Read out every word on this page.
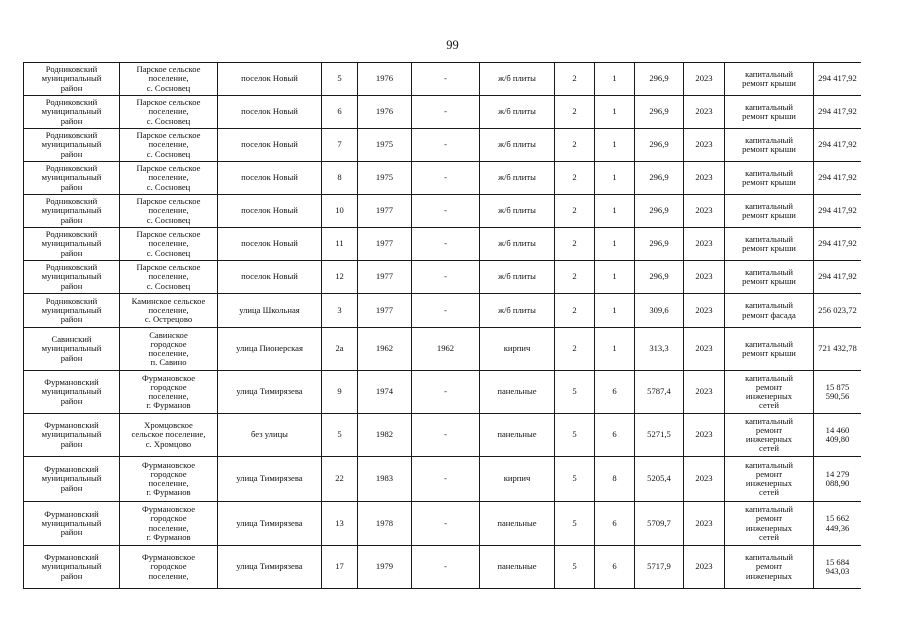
99
Родниковский
муниципальный
район	Парское сельское
поселение,
с. Сосновец	поселок Новый	5	1976	-	ж/б плиты	2	1	296,9	2023	капитальный
ремонт крыши	294 417,92
Родниковский
муниципальный
район	Парское сельское
поселение,
с. Сосновец	поселок Новый	6	1976	-	ж/б плиты	2	1	296,9	2023	капитальный
ремонт крыши	294 417,92
Родниковский
муниципальный
район	Парское сельское
поселение,
с. Сосновец	поселок Новый	7	1975	-	ж/б плиты	2	1	296,9	2023	капитальный
ремонт крыши	294 417,92
Родниковский
муниципальный
район	Парское сельское
поселение,
с. Сосновец	поселок Новый	8	1975	-	ж/б плиты	2	1	296,9	2023	капитальный
ремонт крыши	294 417,92
Родниковский
муниципальный
район	Парское сельское
поселение,
с. Сосновец	поселок Новый	10	1977	-	ж/б плиты	2	1	296,9	2023	капитальный
ремонт крыши	294 417,92
Родниковский
муниципальный
район	Парское сельское
поселение,
с. Сосновец	поселок Новый	11	1977	-	ж/б плиты	2	1	296,9	2023	капитальный
ремонт крыши	294 417,92
Родниковский
муниципальный
район	Парское сельское
поселение,
с. Сосновец	поселок Новый	12	1977	-	ж/б плиты	2	1	296,9	2023	капитальный
ремонт крыши	294 417,92
Родниковский
муниципальный
район	Каминское сельское
поселение,
с. Острецово	улица Школьная	3	1977	-	ж/б плиты	2	1	309,6	2023	капитальный
ремонт фасада	256 023,72
Савинский
муниципальный
район	Савинское
городское
поселение,
п. Савино	улица Пионерская	2а	1962	1962	кирпич	2	1	313,3	2023	капитальный
ремонт крыши	721 432,78
Фурмановский
муниципальный
район	Фурмановское
городское
поселение,
г. Фурманов	улица Тимирязева	9	1974	-	панельные	5	6	5787,4	2023	капитальный
ремонт
инженерных
сетей	15 875 590,56
Фурмановский
муниципальный
район	Хромцовское
сельское поселение,
с. Хромцово	без улицы	5	1982	-	панельные	5	6	5271,5	2023	капитальный
ремонт
инженерных
сетей	14 460 409,80
Фурмановский
муниципальный
район	Фурмановское
городское
поселение,
г. Фурманов	улица Тимирязева	22	1983	-	кирпич	5	8	5205,4	2023	капитальный
ремонт
инженерных
сетей	14 279 088,90
Фурмановский
муниципальный
район	Фурмановское
городское
поселение,
г. Фурманов	улица Тимирязева	13	1978	-	панельные	5	6	5709,7	2023	капитальный
ремонт
инженерных
сетей	15 662 449,36
Фурмановский
муниципальный
район	Фурмановское
городское
поселение,	улица Тимирязева	17	1979	-	панельные	5	6	5717,9	2023	капитальный
ремонт
инженерных	15 684 943,03
